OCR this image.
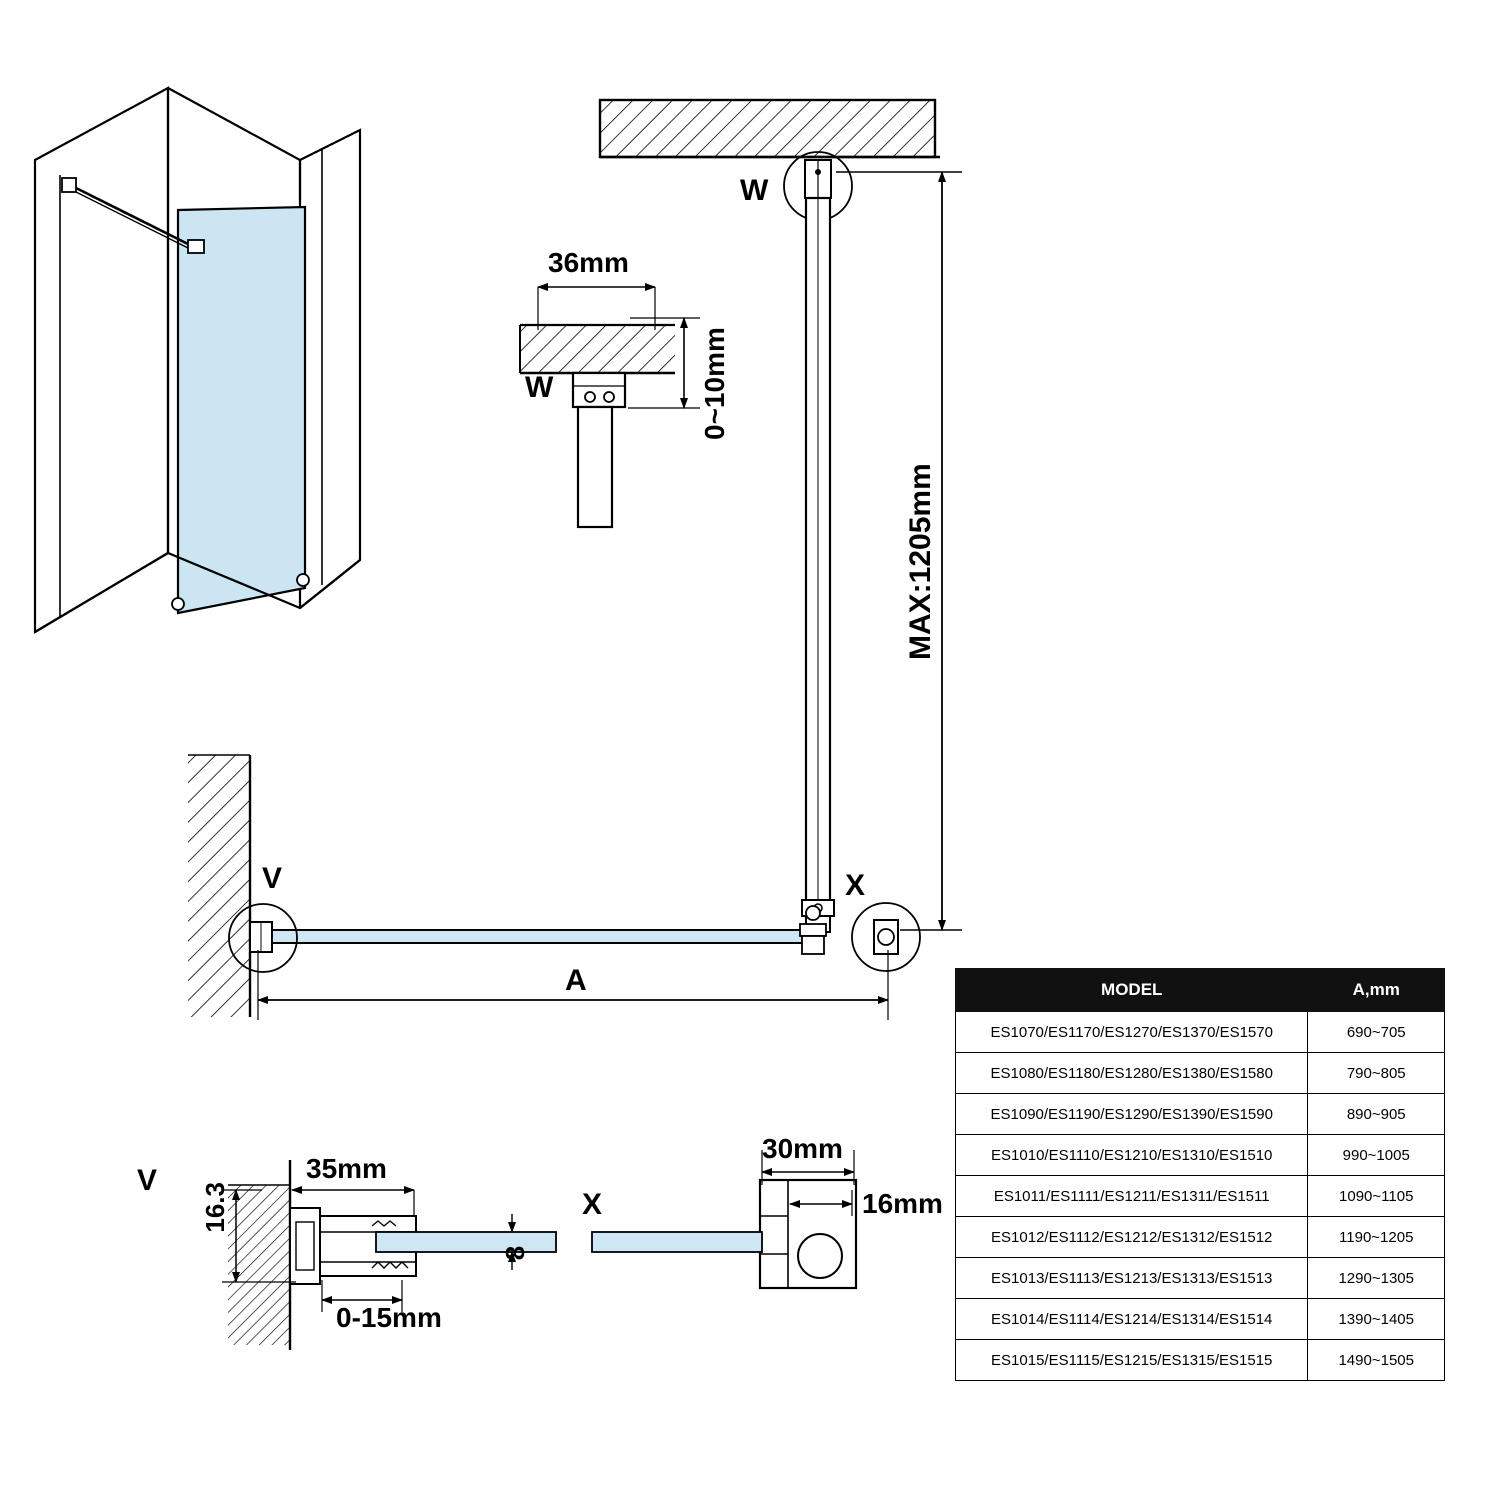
W
W
36mm
0~10mm
MAX:1205mm
V	X
A
V
16.3
35mm
0-15mm
8
X
30mm
16mm
MODEL	A,mm
ES1070/ES1170/ES1270/ES1370/ES1570	690~705
ES1080/ES1180/ES1280/ES1380/ES1580	790~805
ES1090/ES1190/ES1290/ES1390/ES1590	890~905
ES1010/ES1110/ES1210/ES1310/ES1510	990~1005
ES1011/ES1111/ES1211/ES1311/ES1511	1090~1105
ES1012/ES1112/ES1212/ES1312/ES1512	1190~1205
ES1013/ES1113/ES1213/ES1313/ES1513	1290~1305
ES1014/ES1114/ES1214/ES1314/ES1514	1390~1405
ES1015/ES1115/ES1215/ES1315/ES1515	1490~1505
